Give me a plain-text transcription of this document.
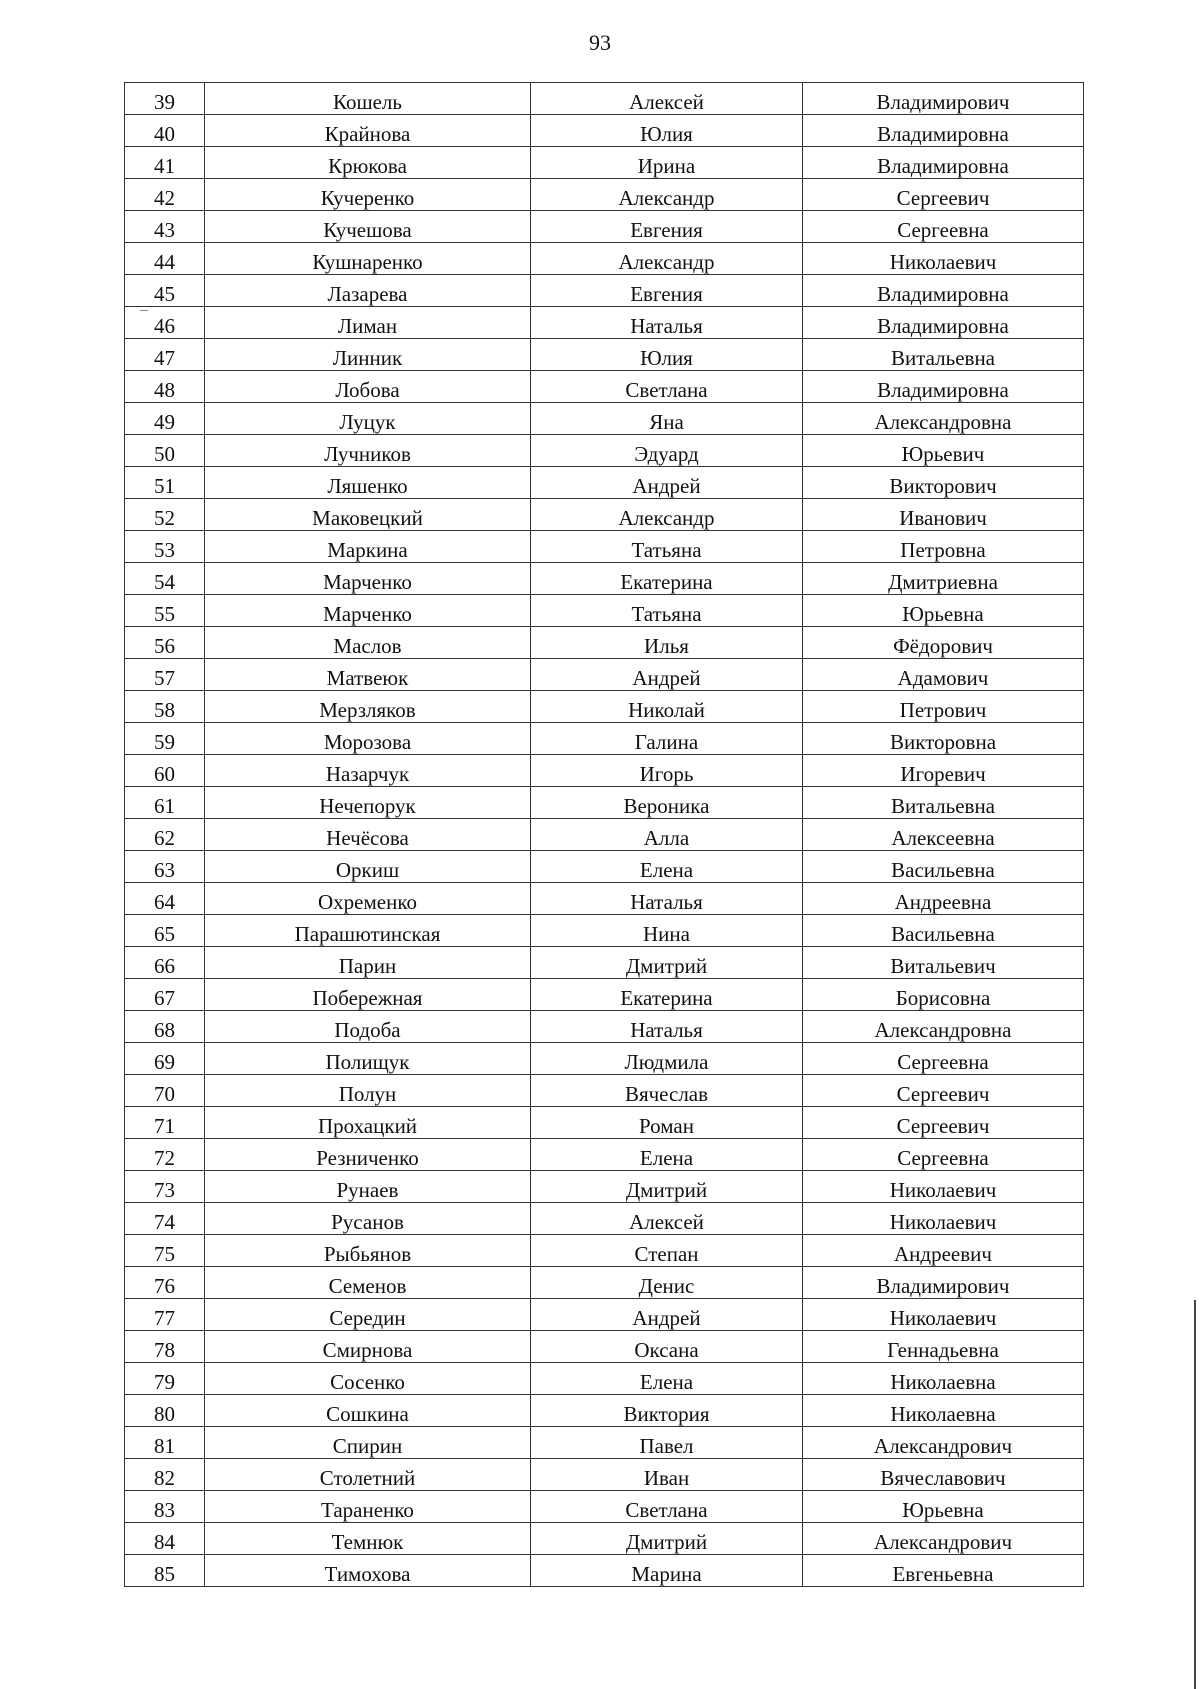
93
39	Кошель	Алексей	Владимирович
40	Крайнова	Юлия	Владимировна
41	Крюкова	Ирина	Владимировна
42	Кучеренко	Александр	Сергеевич
43	Кучешова	Евгения	Сергеевна
44	Кушнаренко	Александр	Николаевич
45	Лазарева	Евгения	Владимировна
46	Лиман	Наталья	Владимировна
47	Линник	Юлия	Витальевна
48	Лобова	Светлана	Владимировна
49	Луцук	Яна	Александровна
50	Лучников	Эдуард	Юрьевич
51	Ляшенко	Андрей	Викторович
52	Маковецкий	Александр	Иванович
53	Маркина	Татьяна	Петровна
54	Марченко	Екатерина	Дмитриевна
55	Марченко	Татьяна	Юрьевна
56	Маслов	Илья	Фёдорович
57	Матвеюк	Андрей	Адамович
58	Мерзляков	Николай	Петрович
59	Морозова	Галина	Викторовна
60	Назарчук	Игорь	Игоревич
61	Нечепорук	Вероника	Витальевна
62	Нечёсова	Алла	Алексеевна
63	Оркиш	Елена	Васильевна
64	Охременко	Наталья	Андреевна
65	Парашютинская	Нина	Васильевна
66	Парин	Дмитрий	Витальевич
67	Побережная	Екатерина	Борисовна
68	Подоба	Наталья	Александровна
69	Полищук	Людмила	Сергеевна
70	Полун	Вячеслав	Сергеевич
71	Прохацкий	Роман	Сергеевич
72	Резниченко	Елена	Сергеевна
73	Рунаев	Дмитрий	Николаевич
74	Русанов	Алексей	Николаевич
75	Рыбьянов	Степан	Андреевич
76	Семенов	Денис	Владимирович
77	Середин	Андрей	Николаевич
78	Смирнова	Оксана	Геннадьевна
79	Сосенко	Елена	Николаевна
80	Сошкина	Виктория	Николаевна
81	Спирин	Павел	Александрович
82	Столетний	Иван	Вячеславович
83	Тараненко	Светлана	Юрьевна
84	Темнюк	Дмитрий	Александрович
85	Тимохова	Марина	Евгеньевна
